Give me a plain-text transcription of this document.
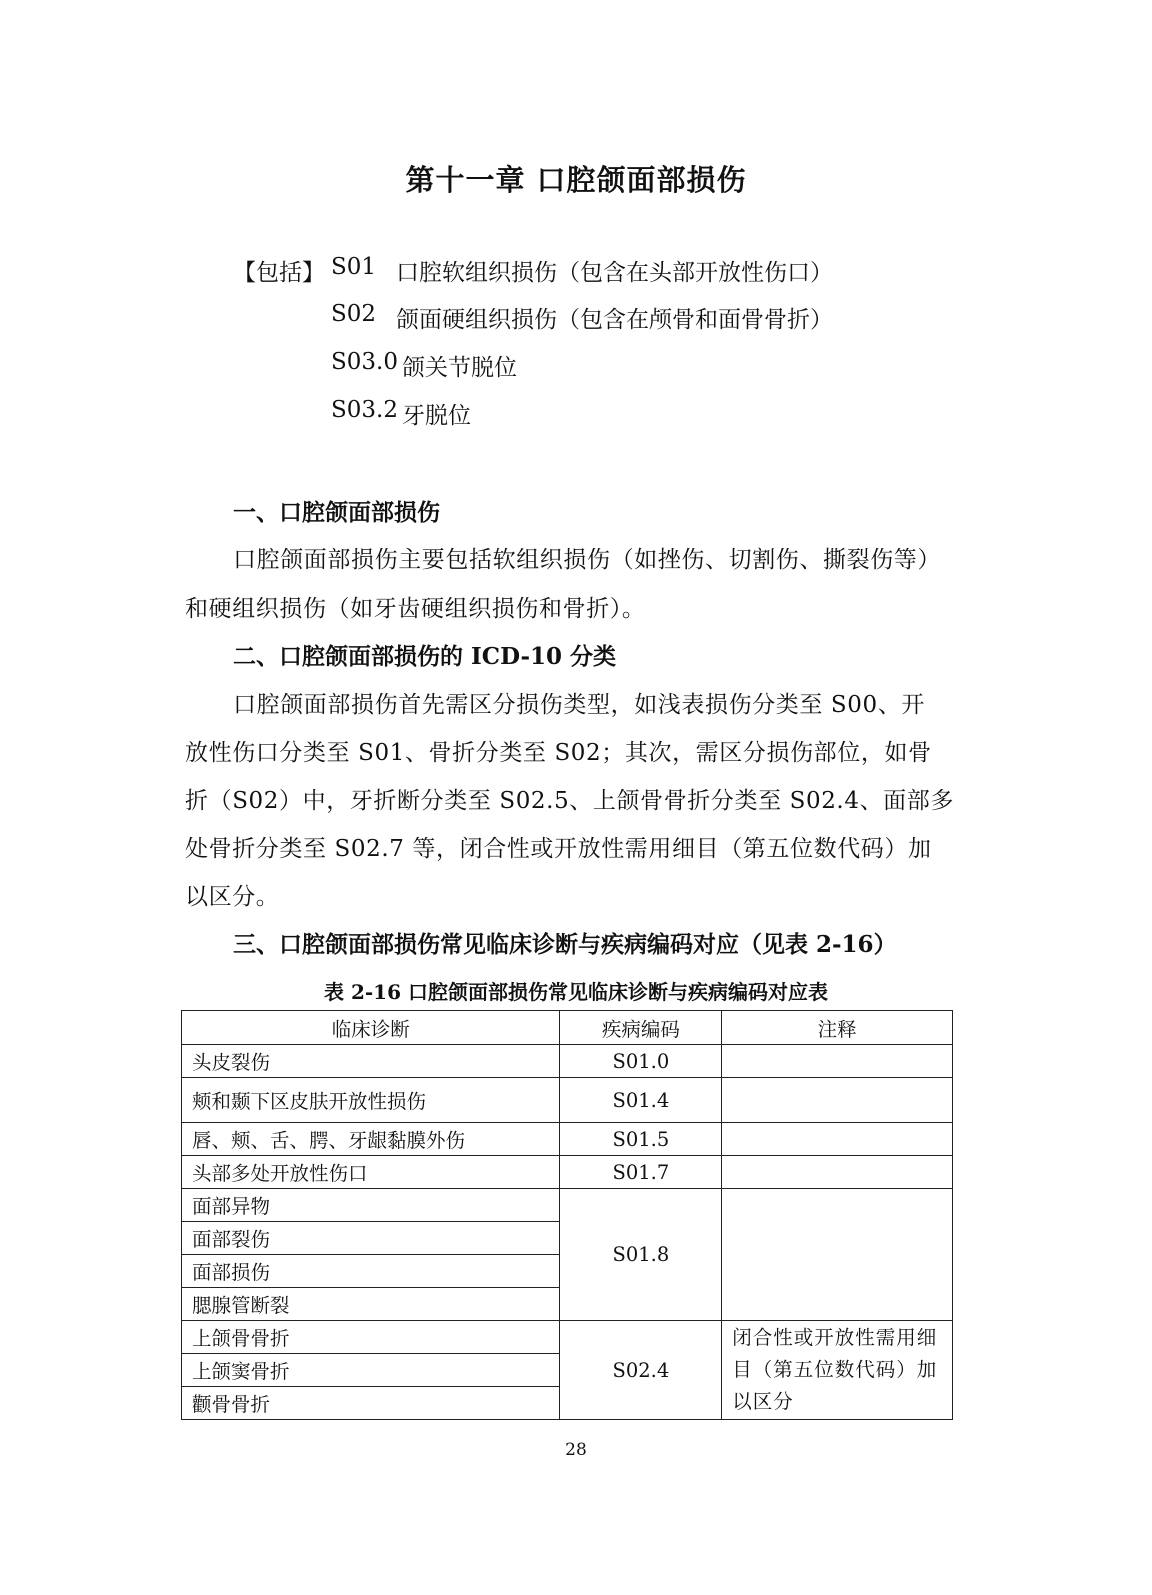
第十一章 口腔颌面部损伤
【包括】 S01 口腔软组织损伤（包含在头部开放性伤口）
S02 颌面硬组织损伤（包含在颅骨和面骨骨折）
S03.0 颌关节脱位
S03.2 牙脱位
一、口腔颌面部损伤
口腔颌面部损伤主要包括软组织损伤（如挫伤、切割伤、撕裂伤等）
和硬组织损伤（如牙齿硬组织损伤和骨折）。
二、口腔颌面部损伤的 ICD-10 分类
口腔颌面部损伤首先需区分损伤类型，如浅表损伤分类至 S00、开
放性伤口分类至 S01、骨折分类至 S02；其次，需区分损伤部位，如骨
折（S02）中，牙折断分类至 S02.5、上颌骨骨折分类至 S02.4、面部多
处骨折分类至 S02.7 等，闭合性或开放性需用细目（第五位数代码）加
以区分。
三、口腔颌面部损伤常见临床诊断与疾病编码对应（见表 2-16）
表 2-16 口腔颌面部损伤常见临床诊断与疾病编码对应表
临床诊断	疾病编码	注释
头皮裂伤	S01.0	
颊和颞下区皮肤开放性损伤	S01.4	
唇、颊、舌、腭、牙龈黏膜外伤	S01.5	
头部多处开放性伤口	S01.7	
面部异物	S01.8	
面部裂伤		
面部损伤		
腮腺管断裂		
上颌骨骨折	S02.4	闭合性或开放性需用细目（第五位数代码）加以区分
上颌窦骨折		
颧骨骨折		
28
